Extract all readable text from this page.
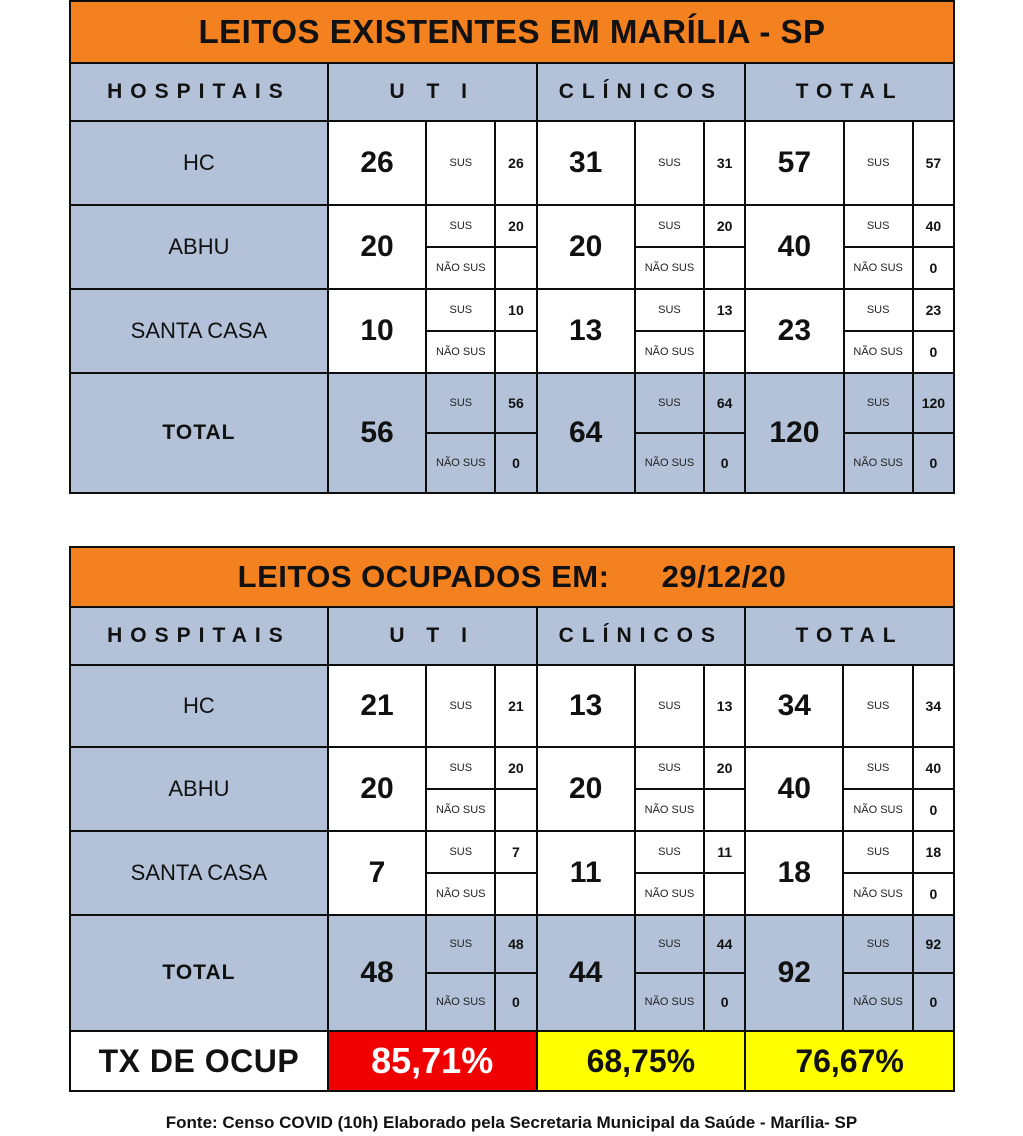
LEITOS EXISTENTES EM MARÍLIA - SP									
HOSPITAIS	U T I			CLÍNICOS			TOTAL		
HC	26	SUS	26	31	SUS	31	57	SUS	57
ABHU	20	SUS	20	20	SUS	20	40	SUS	40
		NÃO SUS			NÃO SUS			NÃO SUS	0
SANTA CASA	10	SUS	10	13	SUS	13	23	SUS	23
		NÃO SUS			NÃO SUS			NÃO SUS	0
TOTAL	56	SUS	56	64	SUS	64	120	SUS	120
		NÃO SUS	0		NÃO SUS	0		NÃO SUS	0
LEITOS OCUPADOS EM: 29/12/20									
HOSPITAIS	U T I			CLÍNICOS			TOTAL		
HC	21	SUS	21	13	SUS	13	34	SUS	34
ABHU	20	SUS	20	20	SUS	20	40	SUS	40
		NÃO SUS			NÃO SUS			NÃO SUS	0
SANTA CASA	7	SUS	7	11	SUS	11	18	SUS	18
		NÃO SUS			NÃO SUS			NÃO SUS	0
TOTAL	48	SUS	48	44	SUS	44	92	SUS	92
		NÃO SUS	0		NÃO SUS	0		NÃO SUS	0
TX DE OCUP	85,71%			68,75%			76,67%		
Fonte: Censo COVID (10h) Elaborado pela Secretaria Municipal da Saúde - Marília- SP
